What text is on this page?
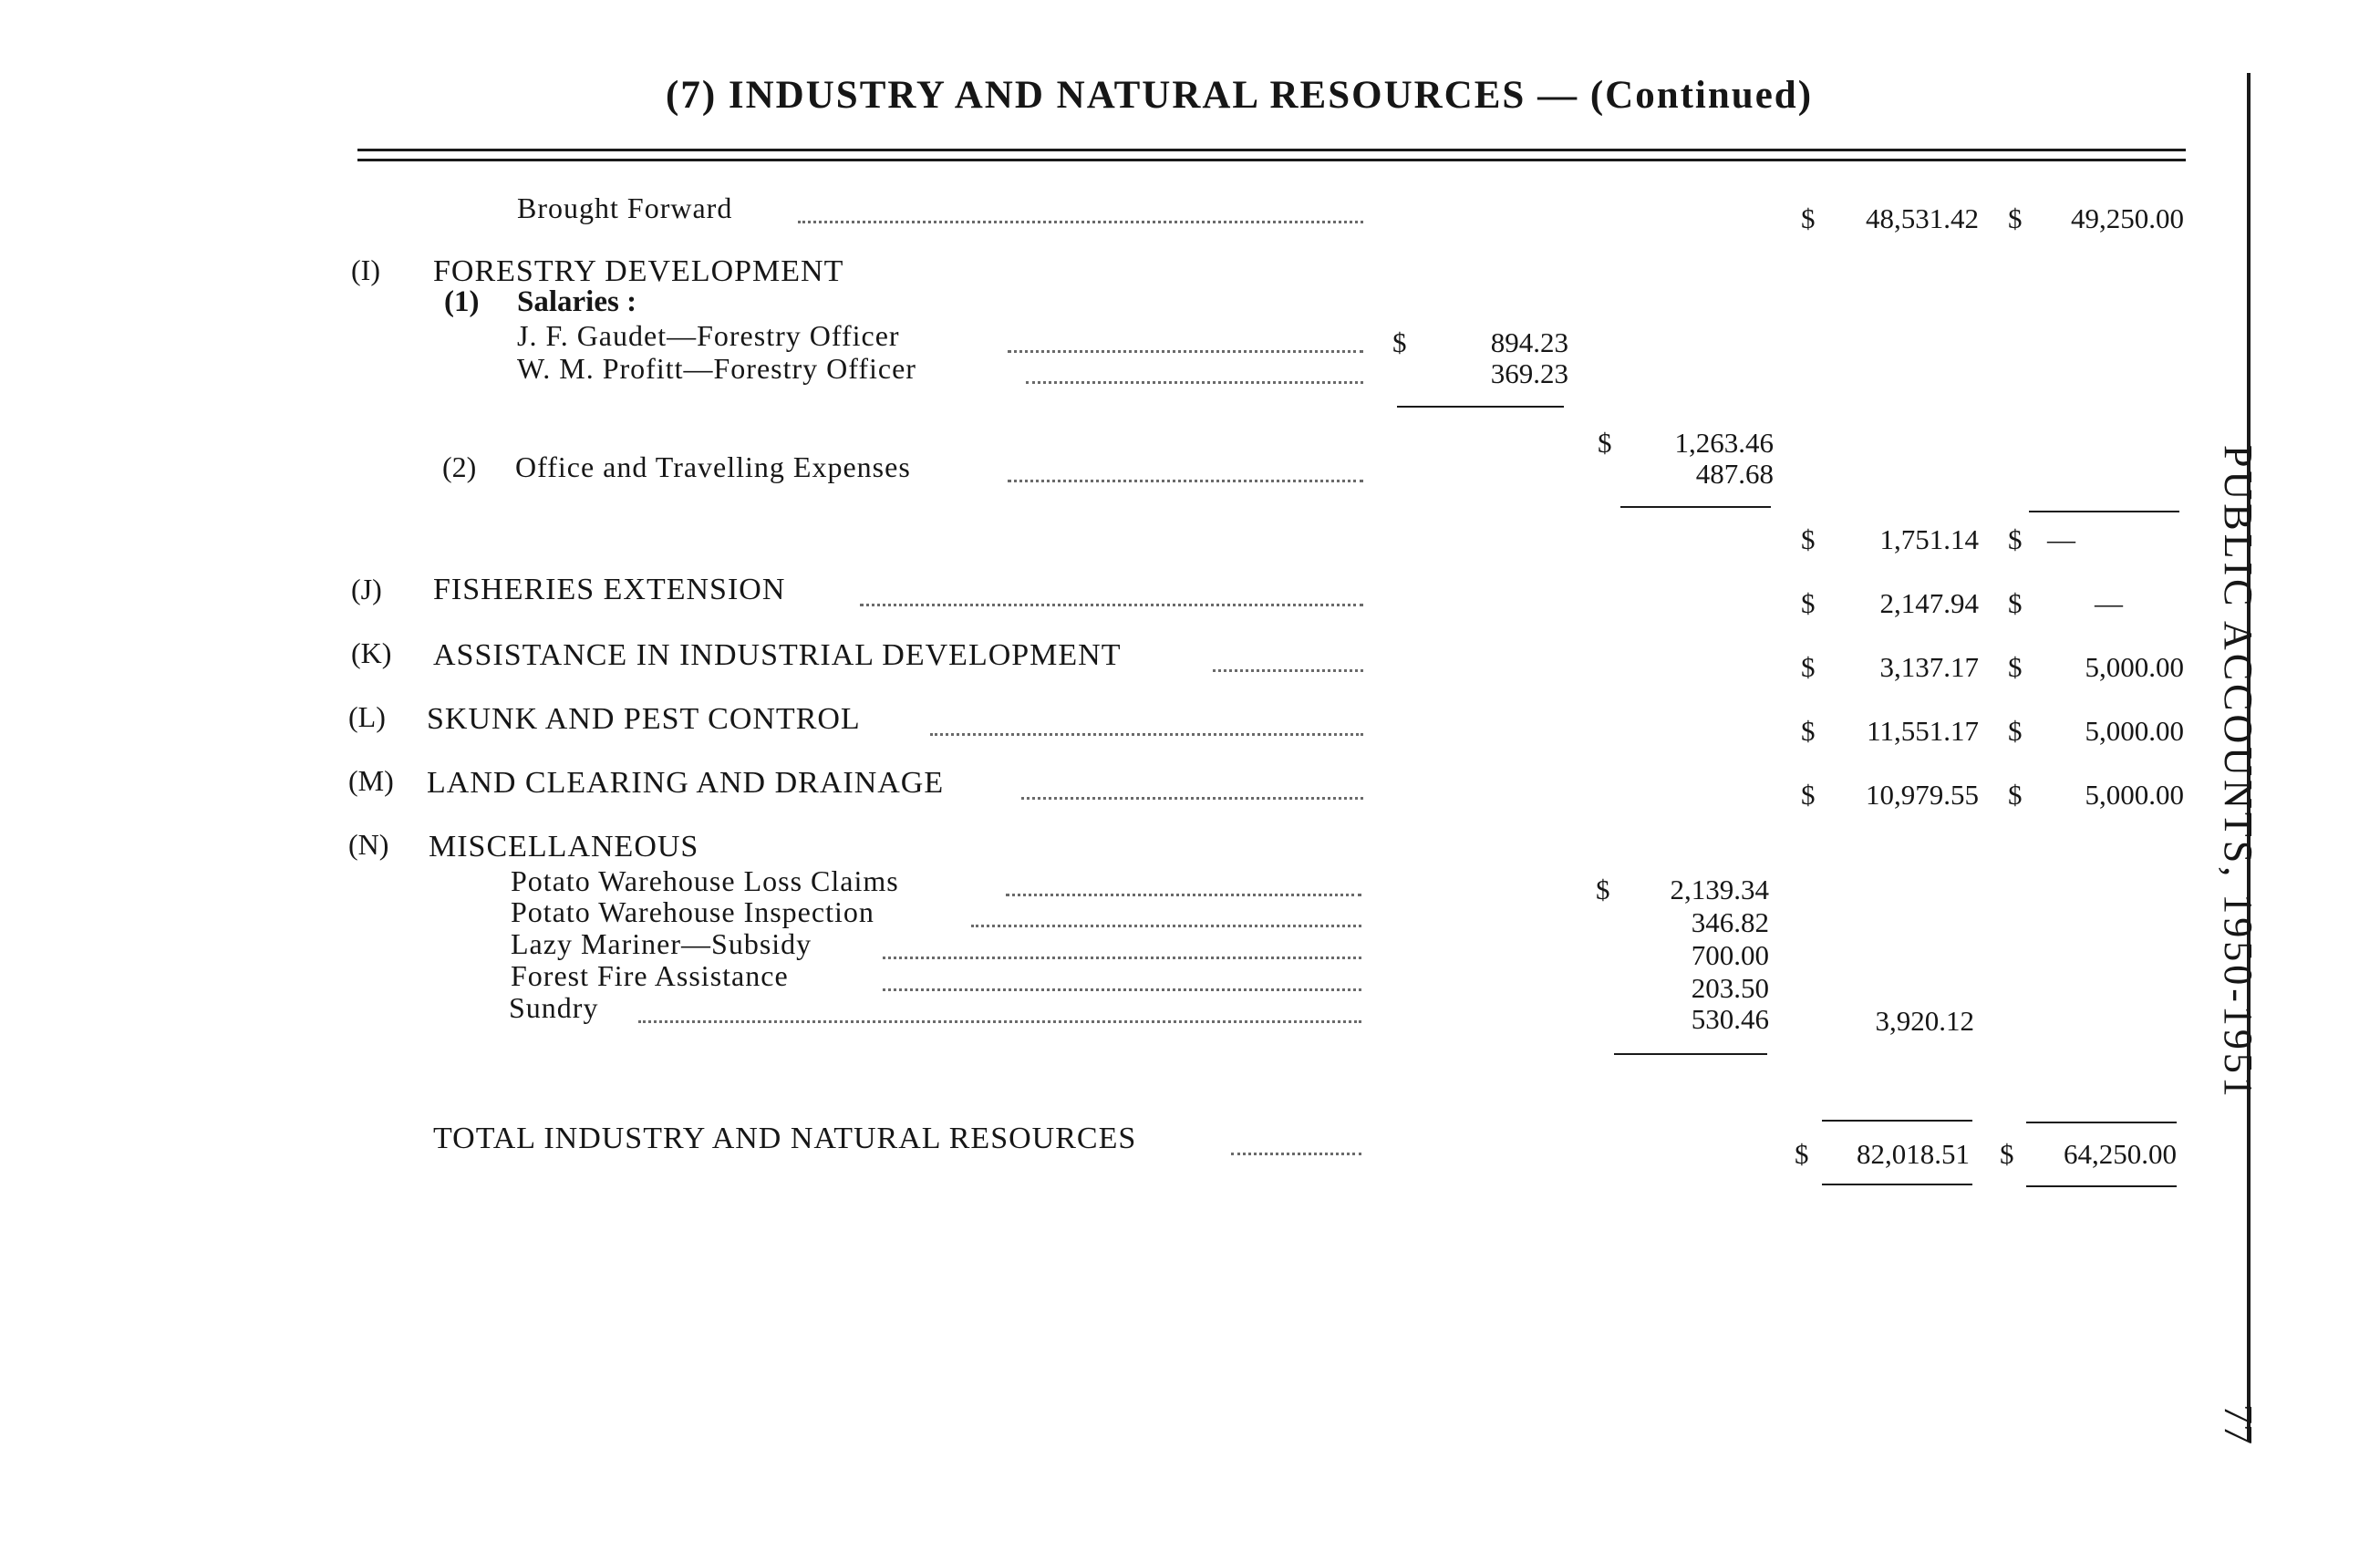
(7) INDUSTRY AND NATURAL RESOURCES — (Continued)
PUBLIC ACCOUNTS, 1950-1951
77
Brought Forward	$	48,531.42 $	49,250.00
(I) FORESTRY DEVELOPMENT
(1) Salaries :
J. F. Gaudet—Forestry Officer	$	894.23
W. M. Profitt—Forestry Officer	369.23
$	1,263.46
(2) Office and Travelling Expenses	487.68
$	1,751.14 $ —
(J) FISHERIES EXTENSION	$	2,147.94 $	—
(K) ASSISTANCE IN INDUSTRIAL DEVELOPMENT	$	3,137.17 $	5,000.00
(L) SKUNK AND PEST CONTROL	$	11,551.17 $	5,000.00
(M) LAND CLEARING AND DRAINAGE	$	10,979.55 $	5,000.00
(N) MISCELLANEOUS
Potato Warehouse Loss Claims	$	2,139.34
Potato Warehouse Inspection	346.82
Lazy Mariner—Subsidy	700.00
Forest Fire Assistance	203.50
Sundry	530.46	3,920.12
TOTAL INDUSTRY AND NATURAL RESOURCES	$	82,018.51 $	64,250.00
